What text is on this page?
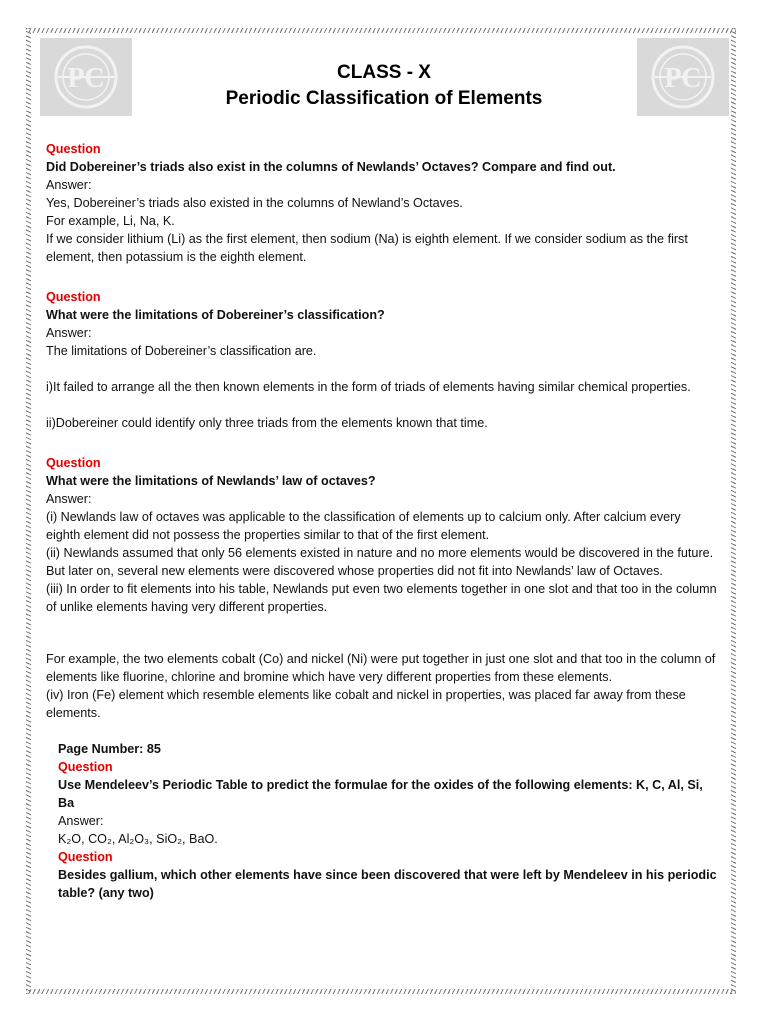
PC	PC
CLASS - X
Periodic Classification of Elements

Question

Did Dobereiner’s triads also exist in the columns of Newlands’ Octaves? Compare and find out.

Answer:

Yes, Dobereiner’s triads also existed in the columns of Newland’s Octaves.

For example, Li, Na, K.

If we consider lithium (Li) as the first element, then sodium (Na) is eighth element. If we consider sodium as the first element, then potassium is the eighth element.

Question

What were the limitations of Dobereiner’s classification?

Answer:

The limitations of Dobereiner’s classification are.

i)It failed to arrange all the then known elements in the form of triads of elements having similar chemical properties.

ii)Dobereiner could identify only three triads from the elements known that time.

Question

What were the limitations of Newlands’ law of octaves?

Answer:

(i) Newlands law of octaves was applicable to the classification of elements up to calcium only. After calcium every eighth element did not possess the properties similar to that of the first element.

(ii) Newlands assumed that only 56 elements existed in nature and no more elements would be discovered in the future. But later on, several new elements were discovered whose properties did not fit into Newlands’ law of Octaves.

(iii) In order to fit elements into his table, Newlands put even two elements together in one slot and that too in the column of unlike elements having very different properties.

For example, the two elements cobalt (Co) and nickel (Ni) were put together in just one slot and that too in the column of elements like fluorine, chlorine and bromine which have very different properties from these elements.

(iv) Iron (Fe) element which resemble elements like cobalt and nickel in properties, was placed far away from these elements.

Page Number: 85

Question

Use Mendeleev’s Periodic Table to predict the formulae for the oxides of the following elements: K, C, Al, Si, Ba

Answer:

K₂O, CO₂, Al₂O₃, SiO₂, BaO.

Question

Besides gallium, which other elements have since been discovered that were left by Mendeleev in his periodic table? (any two)
